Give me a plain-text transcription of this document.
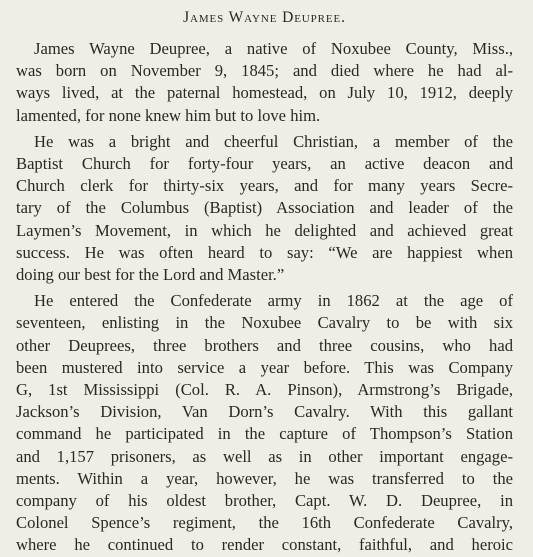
James Wayne Deupree.
James Wayne Deupree, a native of Noxubee County, Miss.,
was born on November 9, 1845; and died where he had al-
ways lived, at the paternal homestead, on July 10, 1912, deeply
lamented, for none knew him but to love him.
He was a bright and cheerful Christian, a member of the
Baptist Church for forty-four years, an active deacon and
Church clerk for thirty-six years, and for many years Secre-
tary of the Columbus (Baptist) Association and leader of the
Laymen’s Movement, in which he delighted and achieved great
success. He was often heard to say: “We are happiest when
doing our best for the Lord and Master.”
He entered the Confederate army in 1862 at the age of
seventeen, enlisting in the Noxubee Cavalry to be with six
other Deuprees, three brothers and three cousins, who had
been mustered into service a year before. This was Company
G, 1st Mississippi (Col. R. A. Pinson), Armstrong’s Brigade,
Jackson’s Division, Van Dorn’s Cavalry. With this gallant
command he participated in the capture of Thompson’s Station
and 1,157 prisoners, as well as in other important engage-
ments. Within a year, however, he was transferred to the
company of his oldest brother, Capt. W. D. Deupree, in
Colonel Spence’s regiment, the 16th Confederate Cavalry,
where he continued to render constant, faithful, and heroic
